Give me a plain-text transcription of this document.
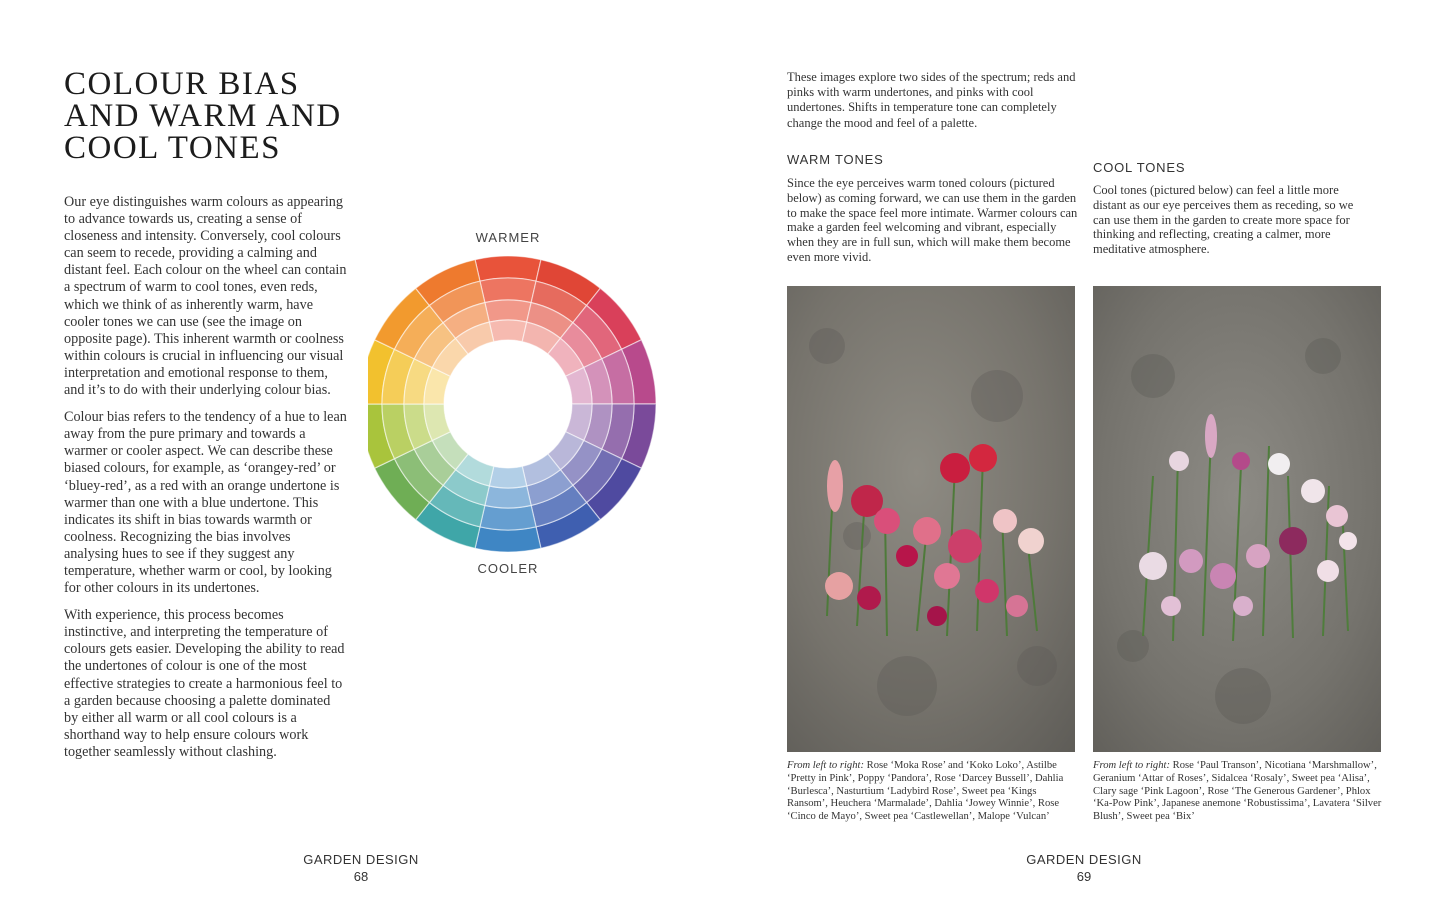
COLOUR BIAS
AND WARM AND
COOL TONES

Our eye distinguishes warm colours as appearing to advance towards us, creating a sense of closeness and intensity. Conversely, cool colours can seem to recede, providing a calming and distant feel. Each colour on the wheel can contain a spectrum of warm to cool tones, even reds, which we think of as inherently warm, have cooler tones we can use (see the image on opposite page). This inherent warmth or coolness within colours is crucial in influencing our visual interpretation and emotional response to them, and it’s to do with their underlying colour bias.

Colour bias refers to the tendency of a hue to lean away from the pure primary and towards a warmer or cooler aspect. We can describe these biased colours, for example, as ‘orangey-red’ or ‘bluey-red’, as a red with an orange undertone is warmer than one with a blue undertone. This indicates its shift in bias towards warmth or coolness. Recognizing the bias involves analysing hues to see if they suggest any temperature, whether warm or cool, by looking for other colours in its undertones.

With experience, this process becomes instinctive, and interpreting the temperature of colours gets easier. Developing the ability to read the undertones of colour is one of the most effective strategies to create a harmonious feel to a garden because choosing a palette dominated by either all warm or all cool colours is a shorthand way to help ensure colours work together seamlessly without clashing.

WARMER
COOLER
GARDEN DESIGN
68
These images explore two sides of the spectrum; reds and pinks with warm undertones, and pinks with cool undertones. Shifts in temperature tone can completely change the mood and feel of a palette.
WARM TONES
Since the eye perceives warm toned colours (pictured below) as coming forward, we can use them in the garden to make the space feel more intimate. Warmer colours can make a garden feel welcoming and vibrant, especially when they are in full sun, which will make them become even more vivid.
COOL TONES
Cool tones (pictured below) can feel a little more distant as our eye perceives them as receding, so we can use them in the garden to create more space for thinking and reflecting, creating a calmer, more meditative atmosphere.
From left to right: Rose ‘Moka Rose’ and ‘Koko Loko’, Astilbe ‘Pretty in Pink’, Poppy ‘Pandora’, Rose ‘Darcey Bussell’, Dahlia ‘Burlesca’, Nasturtium ‘Ladybird Rose’, Sweet pea ‘Kings Ransom’, Heuchera ‘Marmalade’, Dahlia ‘Jowey Winnie’, Rose ‘Cinco de Mayo’, Sweet pea ‘Castlewellan’, Malope ‘Vulcan’
From left to right: Rose ‘Paul Transon’, Nicotiana ‘Marshmallow’, Geranium ‘Attar of Roses’, Sidalcea ‘Rosaly’, Sweet pea ‘Alisa’, Clary sage ‘Pink Lagoon’, Rose ‘The Generous Gardener’, Phlox ‘Ka-Pow Pink’, Japanese anemone ‘Robustissima’, Lavatera ‘Silver Blush’, Sweet pea ‘Bix’
GARDEN DESIGN
69
